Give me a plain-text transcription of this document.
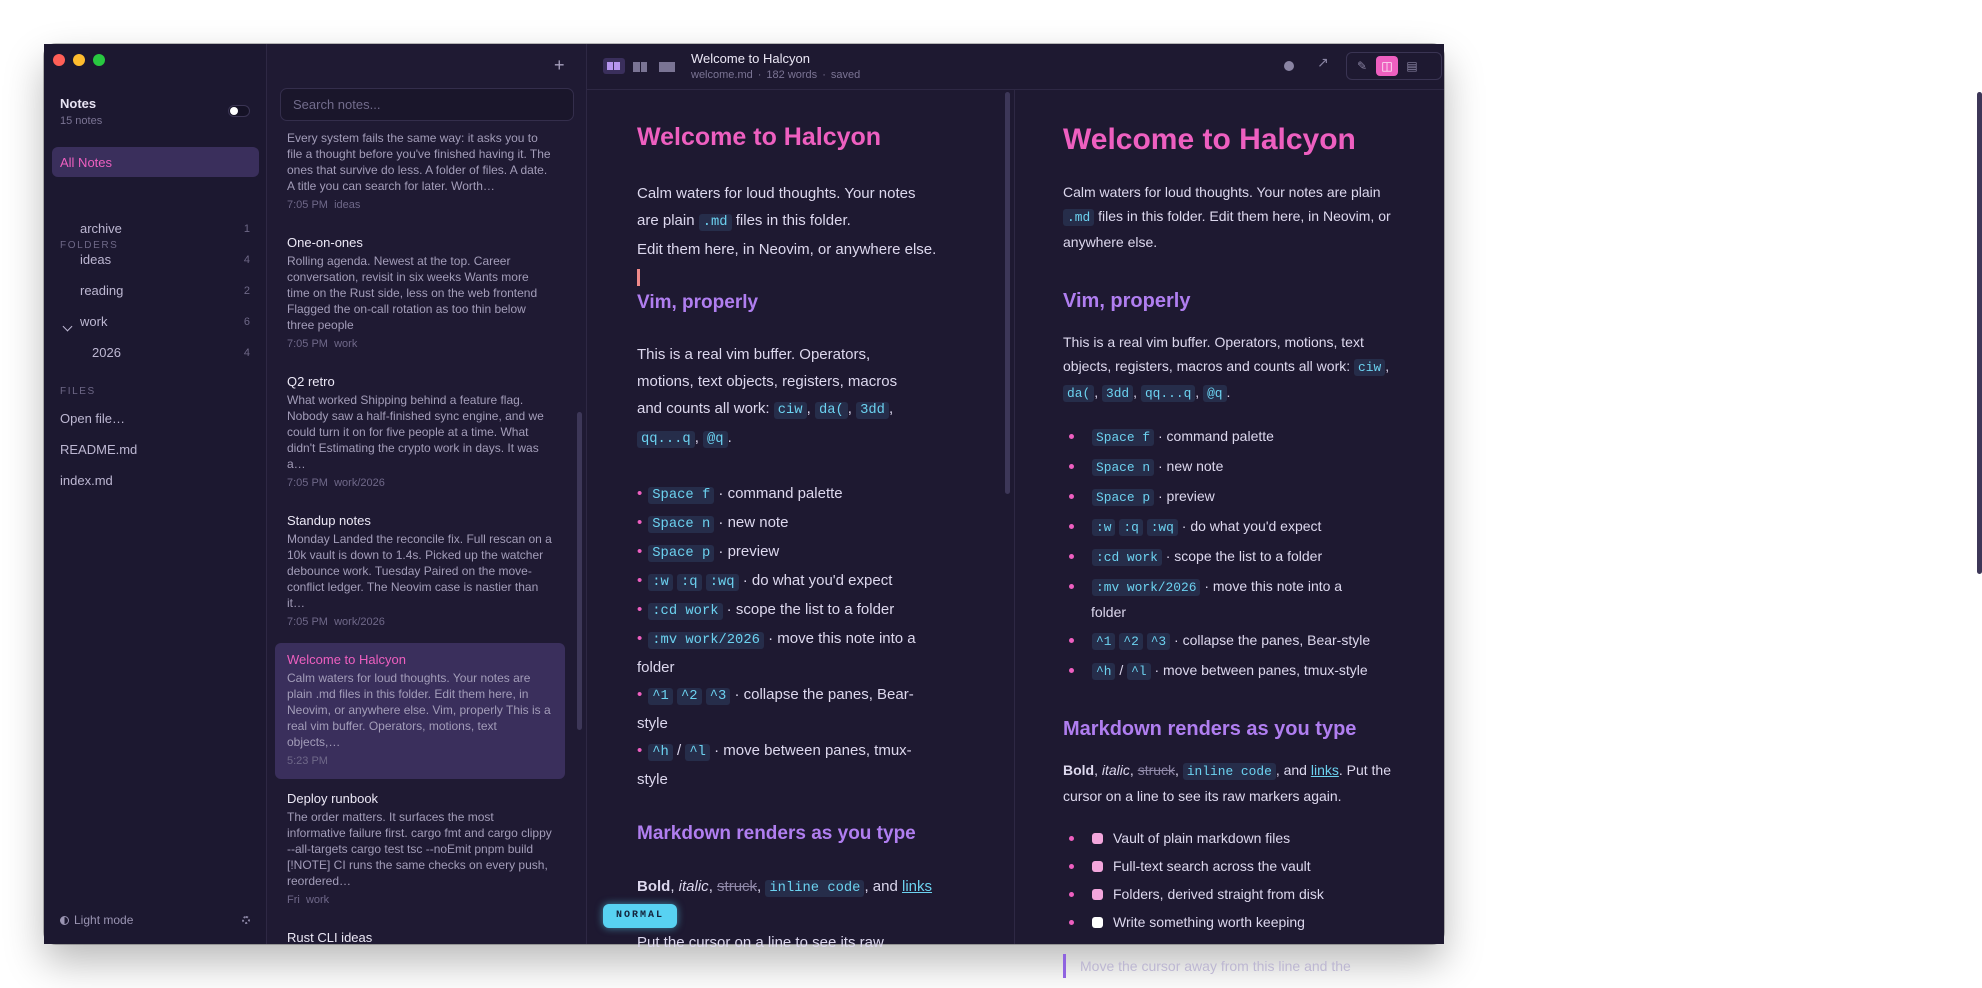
Notes
15 notes
All Notes
FOLDERS
archive	1
ideas	4
reading	2
work	6
2026	4
FILES
Open file…
README.md
index.md
Light mode
+
Search notes...
Every system fails the same way: it asks you to file a thought before you've finished having it. The ones that survive do less. A folder of files. A date. A title you can search for later. Worth…
7:05 PM ideas
One-on-ones
Rolling agenda. Newest at the top. Career conversation, revisit in six weeks Wants more time on the Rust side, less on the web frontend Flagged the on-call rotation as too thin below three people
7:05 PM work
Q2 retro
What worked Shipping behind a feature flag. Nobody saw a half-finished sync engine, and we could turn it on for five people at a time. What didn't Estimating the crypto work in days. It was a…
7:05 PM work/2026
Standup notes
Monday Landed the reconcile fix. Full rescan on a 10k vault is down to 1.4s. Picked up the watcher debounce work. Tuesday Paired on the move-conflict ledger. The Neovim case is nastier than it…
7:05 PM work/2026
Welcome to Halcyon
Calm waters for loud thoughts. Your notes are plain .md files in this folder. Edit them here, in Neovim, or anywhere else. Vim, properly This is a real vim buffer. Operators, motions, text objects,…
5:23 PM
Deploy runbook
The order matters. It surfaces the most informative failure first. cargo fmt and cargo clippy --all-targets cargo test tsc --noEmit pnpm build [!NOTE] CI runs the same checks on every push, reordered…
Fri work
Rust CLI ideas
Welcome to Halcyon
welcome.md · 182 words · saved
↗	✎	◫	▤
Welcome to Halcyon
Calm waters for loud thoughts. Your notes
are plain .md files in this folder.
Edit them here, in Neovim, or anywhere else.
Vim, properly
This is a real vim buffer. Operators,
motions, text objects, registers, macros
and counts all work: ciw , da( , 3dd ,
qq...q , @q .
• Space f · command palette
• Space n · new note
• Space p · preview
• :w :q :wq · do what you'd expect
• :cd work · scope the list to a folder
• :mv work/2026 · move this note into a
folder
• ^1 ^2 ^3 · collapse the panes, Bear-
style
• ^h / ^l · move between panes, tmux-
style
Markdown renders as you type
Bold, italic, struck, inline code , and links
Put the cursor on a line to see its raw
NORMAL
Welcome to Halcyon
Calm waters for loud thoughts. Your notes are plain .md files in this folder. Edit them here, in Neovim, or anywhere else.
Vim, properly
This is a real vim buffer. Operators, motions, text objects, registers, macros and counts all work: ciw , da( , 3dd , qq...q , @q .
Space f · command palette
Space n · new note
Space p · preview
:w :q :wq · do what you'd expect
:cd work · scope the list to a folder
:mv work/2026 · move this note into a
folder
^1 ^2 ^3 · collapse the panes, Bear-style
^h / ^l · move between panes, tmux-style
Markdown renders as you type
Bold, italic, struck, inline code , and links. Put the cursor on a line to see its raw markers again.
Vault of plain markdown files
Full-text search across the vault
Folders, derived straight from disk
Write something worth keeping
Move the cursor away from this line and the
